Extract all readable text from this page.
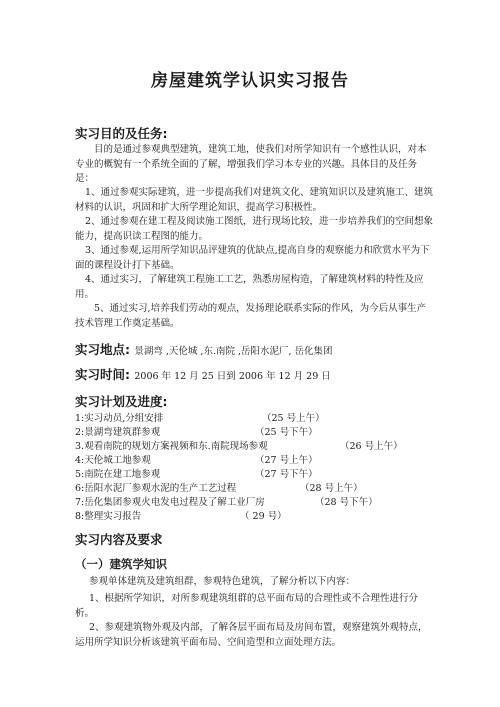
房屋建筑学认识实习报告
实习目的及任务:

目的是通过参观典型建筑，建筑工地，使我们对所学知识有一个感性认识，对本专业的概貌有一个系统全面的了解，增强我们学习本专业的兴趣。具体目的及任务是：

1、通过参观实际建筑，进一步提高我们对建筑文化、建筑知识以及建筑施工、建筑材料的认识，巩固和扩大所学理论知识，提高学习积极性。

2、通过参观在建工程及阅读施工图纸，进行现场比较，进一步培养我们的空间想象能力，提高识读工程图的能力。

3、通过参观,运用所学知识品评建筑的优缺点,提高自身的观察能力和欣赏水平为下面的课程设计打下基础。

4、通过实习，了解建筑工程施工工艺，熟悉房屋构造，了解建筑材料的特性及应用。

5、通过实习,培养我们劳动的观点，发扬理论联系实际的作风，为今后从事生产技术管理工作奠定基础。

实习地点: 景湖弯 ,天伦城 ,东.南院 ,岳阳水泥厂, 岳化集团
实习时间: 2006 年 12 月 25 日到 2006 年 12 月 29 日
实习计划及进度:
1:实习动员,分组安排	（25 号上午）
2:景湖弯建筑群参观	（25 号下午）
3.观看南院的规划方案视频和东.南院现场参观	（26 号上午）
4:天伦城工地参观	（27 号上午）
5:南院在建工地参观	（27 号下午）
6:岳阳水泥厂参观水泥的生产工艺过程	（28 号上午）
7:岳化集团参观火电发电过程及了解工业厂房	（28 号下午）
8:整理实习报告	（ 29 号）
实习内容及要求
（一）建筑学知识

参观单体建筑及建筑组群，参观特色建筑，了解分析以下内容：

1、根据所学知识，对所参观建筑组群的总平面布局的合理性或不合理性进行分析。

2、参观建筑物外观及内部，了解各层平面布局及房间布置，观察建筑外观特点，运用所学知识分析该建筑平面布局、空间造型和立面处理方法。
